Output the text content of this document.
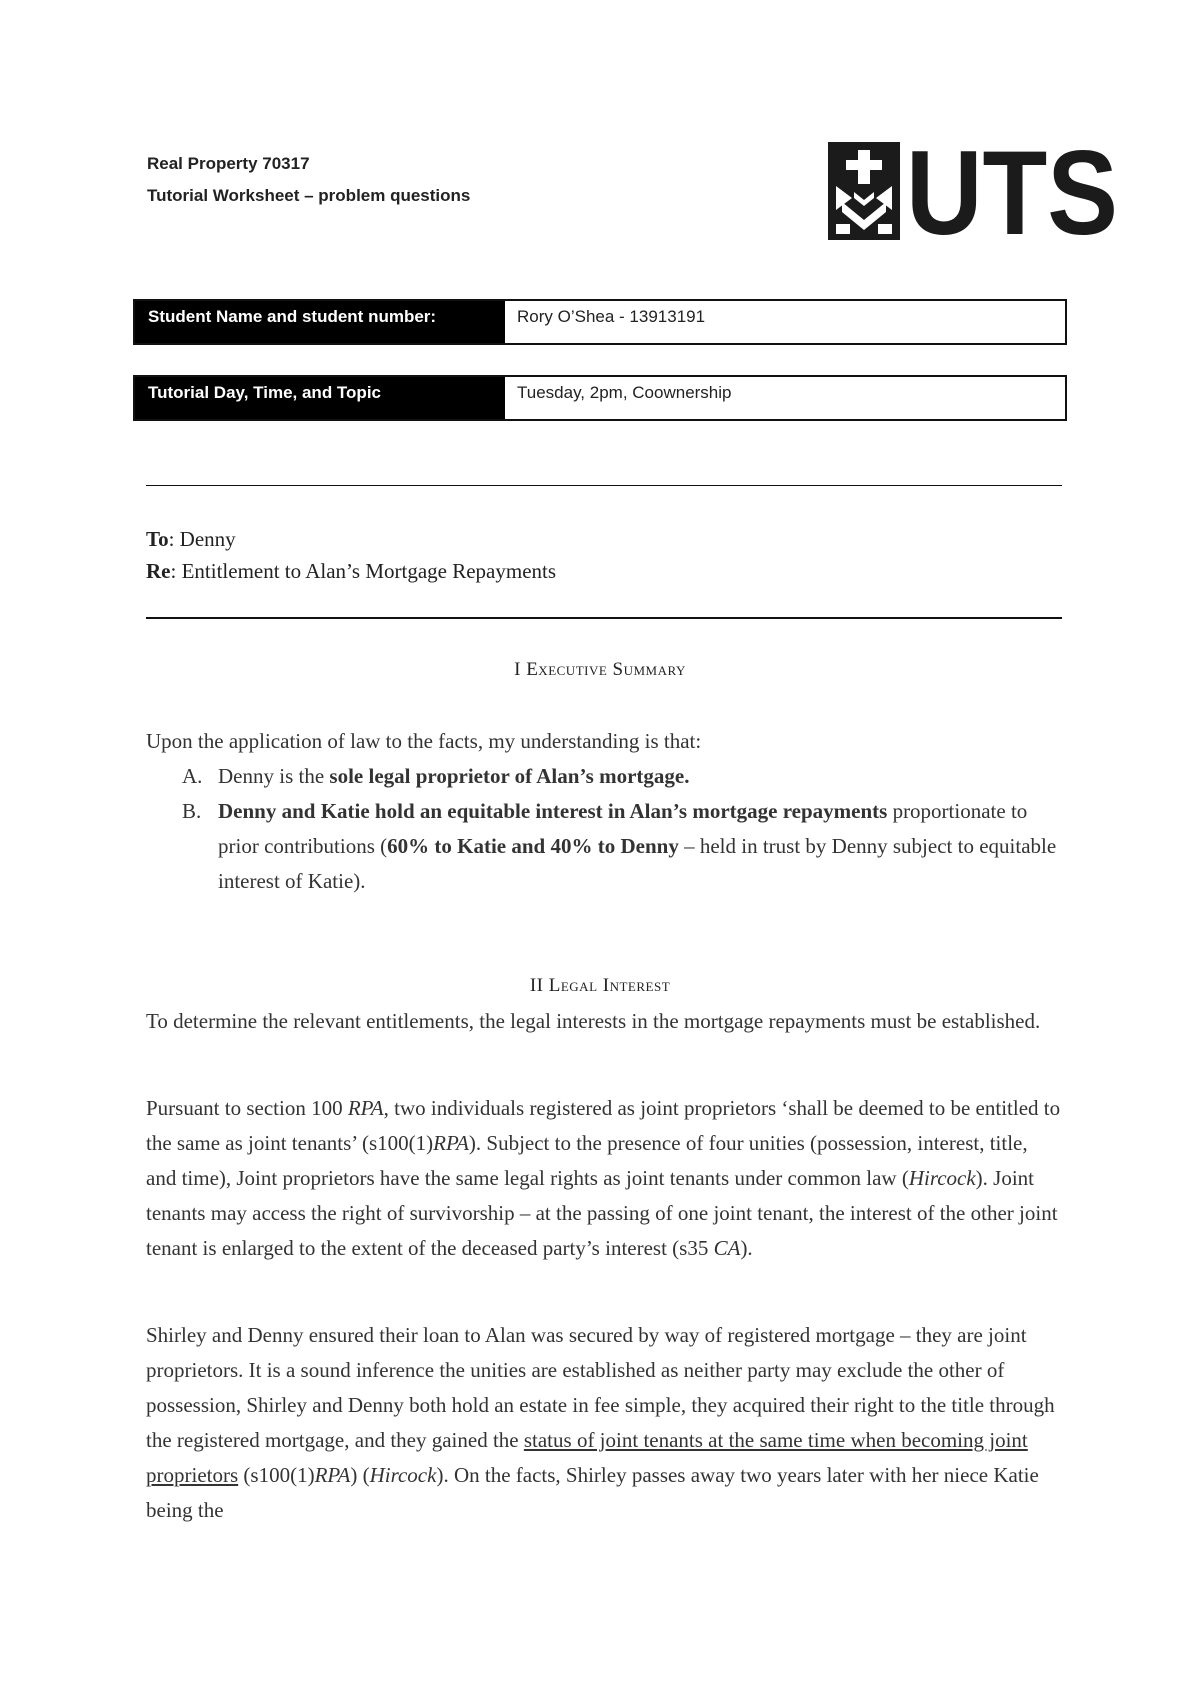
Real Property 70317
Tutorial Worksheet – problem questions	UTS
Student Name and student number:	Rory O’Shea - 13913191
Tutorial Day, Time, and Topic	Tuesday, 2pm, Coownership
To: Denny
Re: Entitlement to Alan’s Mortgage Repayments
I Executive Summary
Upon the application of law to the facts, my understanding is that:
A. Denny is the sole legal proprietor of Alan’s mortgage.
B. Denny and Katie hold an equitable interest in Alan’s mortgage repayments proportionate to prior contributions (60% to Katie and 40% to Denny – held in trust by Denny subject to equitable interest of Katie).
II Legal Interest
To determine the relevant entitlements, the legal interests in the mortgage repayments must be established.
Pursuant to section 100 RPA, two individuals registered as joint proprietors ‘shall be deemed to be entitled to the same as joint tenants’ (s100(1)RPA). Subject to the presence of four unities (possession, interest, title, and time), Joint proprietors have the same legal rights as joint tenants under common law (Hircock). Joint tenants may access the right of survivorship – at the passing of one joint tenant, the interest of the other joint tenant is enlarged to the extent of the deceased party’s interest (s35 CA).
Shirley and Denny ensured their loan to Alan was secured by way of registered mortgage – they are joint proprietors. It is a sound inference the unities are established as neither party may exclude the other of possession, Shirley and Denny both hold an estate in fee simple, they acquired their right to the title through the registered mortgage, and they gained the status of joint tenants at the same time when becoming joint proprietors (s100(1)RPA) (Hircock). On the facts, Shirley passes away two years later with her niece Katie being the
